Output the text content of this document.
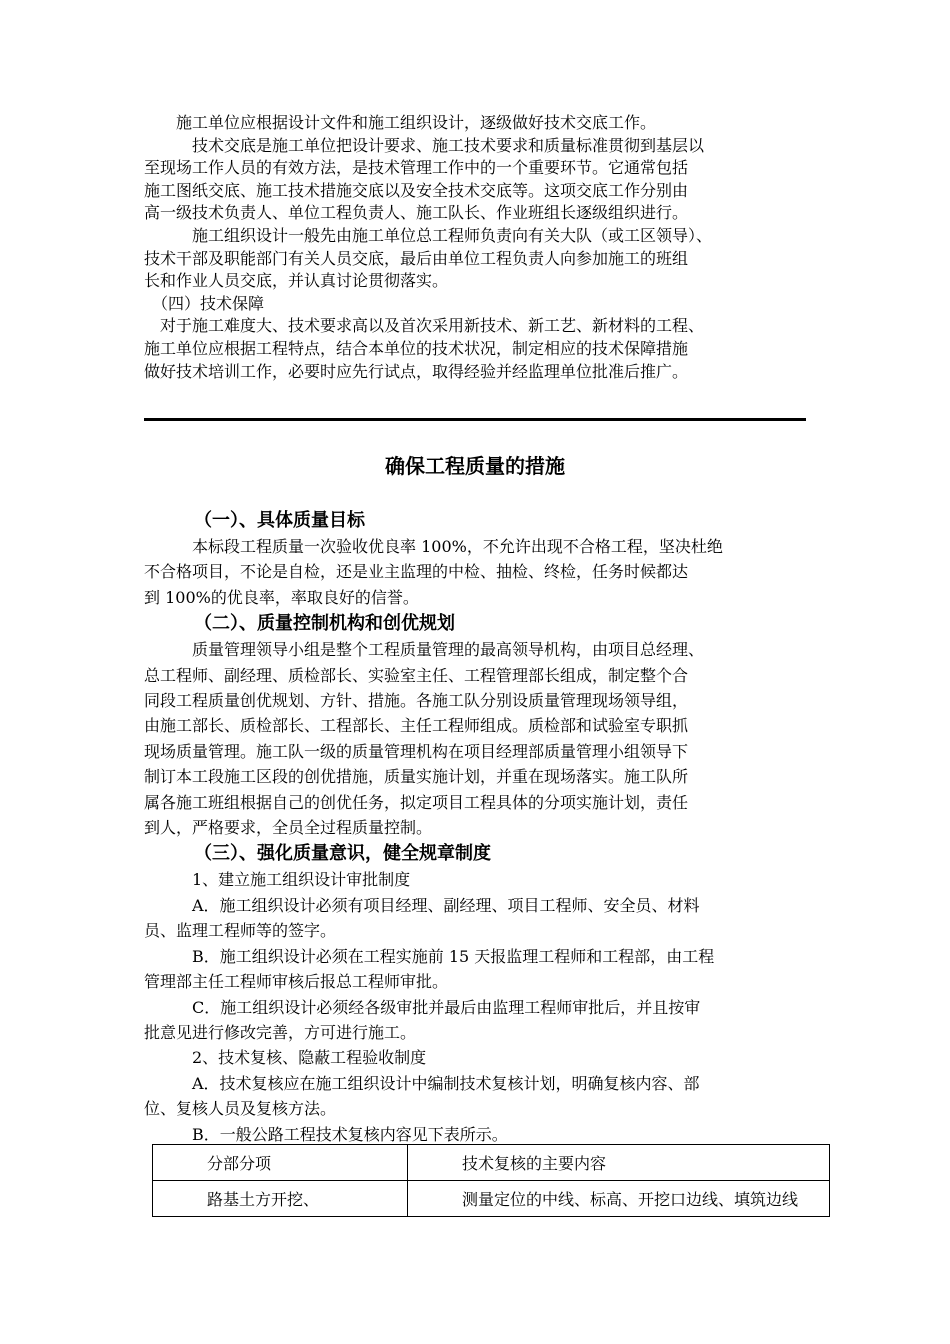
　　施工单位应根据设计文件和施工组织设计，逐级做好技术交底工作。

　　　技术交底是施工单位把设计要求、施工技术要求和质量标准贯彻到基层以

至现场工作人员的有效方法，是技术管理工作中的一个重要环节。它通常包括

施工图纸交底、施工技术措施交底以及安全技术交底等。这项交底工作分别由

高一级技术负责人、单位工程负责人、施工队长、作业班组长逐级组织进行。

　　　施工组织设计一般先由施工单位总工程师负责向有关大队（或工区领导）、

技术干部及职能部门有关人员交底，最后由单位工程负责人向参加施工的班组

长和作业人员交底，并认真讨论贯彻落实。

　（四）技术保障

　对于施工难度大、技术要求高以及首次采用新技术、新工艺、新材料的工程、

施工单位应根据工程特点，结合本单位的技术状况，制定相应的技术保障措施

做好技术培训工作，必要时应先行试点，取得经验并经监理单位批准后推广。

确保工程质量的措施
（一）、具体质量目标

　　　本标段工程质量一次验收优良率 100%，不允许出现不合格工程，坚决杜绝

不合格项目，不论是自检，还是业主监理的中检、抽检、终检，任务时候都达

到 100%的优良率，率取良好的信誉。

（二）、质量控制机构和创优规划

　　　质量管理领导小组是整个工程质量管理的最高领导机构，由项目总经理、

总工程师、副经理、质检部长、实验室主任、工程管理部长组成，制定整个合

同段工程质量创优规划、方针、措施。各施工队分别设质量管理现场领导组，

由施工部长、质检部长、工程部长、主任工程师组成。质检部和试验室专职抓

现场质量管理。施工队一级的质量管理机构在项目经理部质量管理小组领导下

制订本工段施工区段的创优措施，质量实施计划，并重在现场落实。施工队所

属各施工班组根据自己的创优任务，拟定项目工程具体的分项实施计划，责任

到人，严格要求，全员全过程质量控制。

（三）、强化质量意识，健全规章制度

　　　1、建立施工组织设计审批制度

　　　A．施工组织设计必须有项目经理、副经理、项目工程师、安全员、材料

员、监理工程师等的签字。

　　　B．施工组织设计必须在工程实施前 15 天报监理工程师和工程部，由工程

管理部主任工程师审核后报总工程师审批。

　　　C．施工组织设计必须经各级审批并最后由监理工程师审批后，并且按审

批意见进行修改完善，方可进行施工。

　　　2、技术复核、隐蔽工程验收制度

　　　A．技术复核应在施工组织设计中编制技术复核计划，明确复核内容、部

位、复核人员及复核方法。

　　　B．一般公路工程技术复核内容见下表所示。

分部分项	技术复核的主要内容
路基土方开挖、	测量定位的中线、标高、开挖口边线、填筑边线
